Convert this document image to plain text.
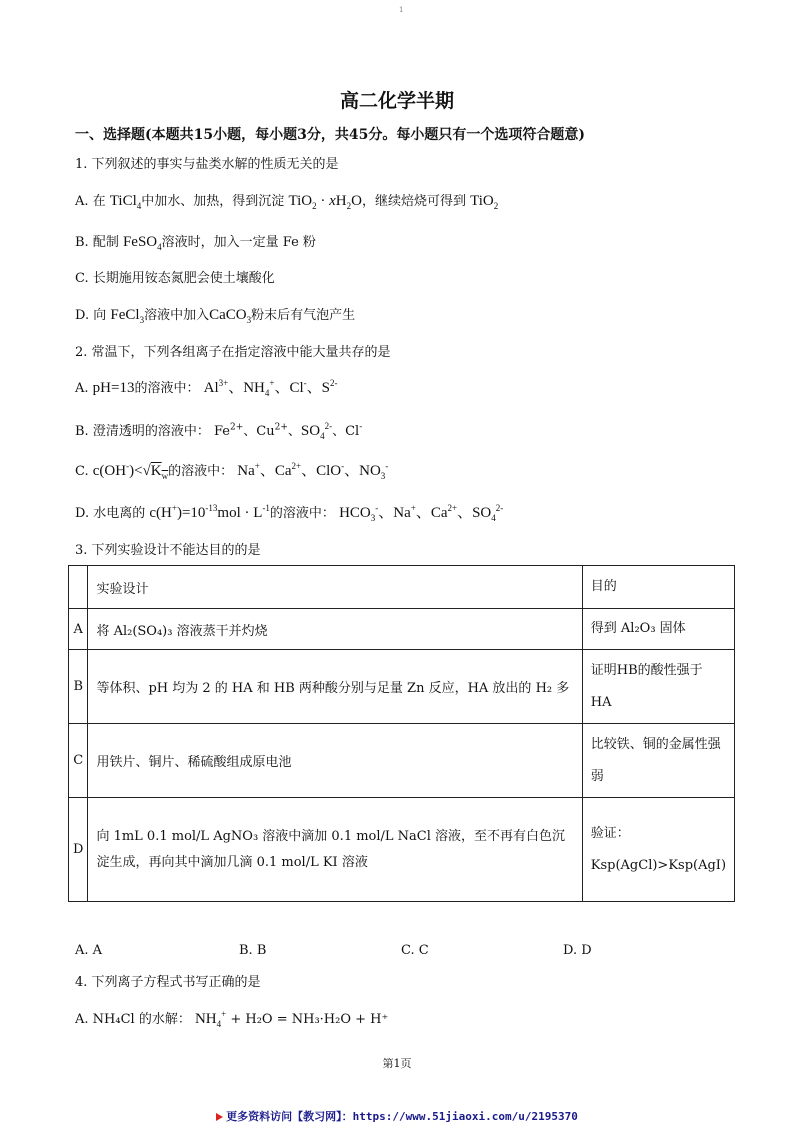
1
高二化学半期
一、选择题(本题共15小题，每小题3分，共45分。每小题只有一个选项符合题意)
1. 下列叙述的事实与盐类水解的性质无关的是
A. 在 TiCl$_4$中加水、加热，得到沉淀 $TiO_2 \cdot xH_2O$，继续焙烧可得到 TiO$_2$
B. 配制 FeSO$_4$溶液时，加入一定量 Fe 粉
C. 长期施用铵态氮肥会使土壤酸化
D. 向 FeCl$_3$溶液中加入CaCO$_3$粉末后有气泡产生
2. 常温下，下列各组离子在指定溶液中能大量共存的是
A. pH=13的溶液中： $Al^{3+}$、$NH_4^+$、Cl-、$S^{2-}$
B. 澄清透明的溶液中： $Fe^{2+}$、$Cu^{2+}$、$SO_4^{2-}$、Cl-
C. $c(OH^-)<√K_w$的溶液中： Na+、$Ca^{2+}$、ClO-、$NO_3^-$
D. 水电离的 $c(H^+)=10^{-13}mol \cdot L^{-1}$的溶液中： $HCO_3^-$、Na+、$Ca^{2+}$、$SO_4^{2-}$
3. 下列实验设计不能达目的的是
	实验设计	目的
A	将 Al₂(SO₄)₃ 溶液蒸干并灼烧	得到 Al₂O₃ 固体
B	等体积、pH 均为 2 的 HA 和 HB 两种酸分别与足量 Zn 反应，HA 放出的 H₂ 多	证明HB的酸性强于 HA
C	用铁片、铜片、稀硫酸组成原电池	比较铁、铜的金属性强弱
D	向 1mL 0.1 mol/L AgNO₃ 溶液中滴加 0.1 mol/L NaCl 溶液，至不再有白色沉淀生成，再向其中滴加几滴 0.1 mol/L KI 溶液	验证：Ksp(AgCl)>Ksp(AgI)
A. A	B. B	C. C	D. D
4. 下列离子方程式书写正确的是
A. NH₄Cl 的水解： $NH_4^+ + H_2O = NH_3\cdot H_2O + H^+$
第1页
更多资料访问【教习网】：https://www.51jiaoxi.com/u/2195370
